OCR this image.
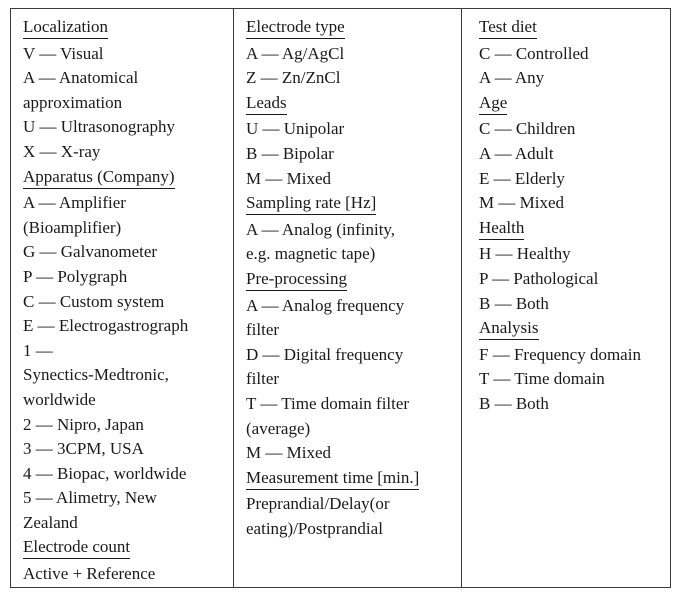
Localization
V — Visual
A — Anatomical
approximation
U — Ultrasonography
X — X-ray
Apparatus (Company)
A — Amplifier
(Bioamplifier)
G — Galvanometer
P — Polygraph
C — Custom system
E — Electrogastrograph
1 —
Synectics-Medtronic,
worldwide
2 — Nipro, Japan
3 — 3CPM, USA
4 — Biopac, worldwide
5 — Alimetry, New
Zealand
Electrode count
Active + Reference
Electrode type
A — Ag/AgCl
Z — Zn/ZnCl
Leads
U — Unipolar
B — Bipolar
M — Mixed
Sampling rate [Hz]
A — Analog (infinity,
e.g. magnetic tape)
Pre-processing
A — Analog frequency
filter
D — Digital frequency
filter
T — Time domain filter
(average)
M — Mixed
Measurement time [min.]
Preprandial/Delay(or
eating)/Postprandial
Test diet
C — Controlled
A — Any
Age
C — Children
A — Adult
E — Elderly
M — Mixed
Health
H — Healthy
P — Pathological
B — Both
Analysis
F — Frequency domain
T — Time domain
B — Both
